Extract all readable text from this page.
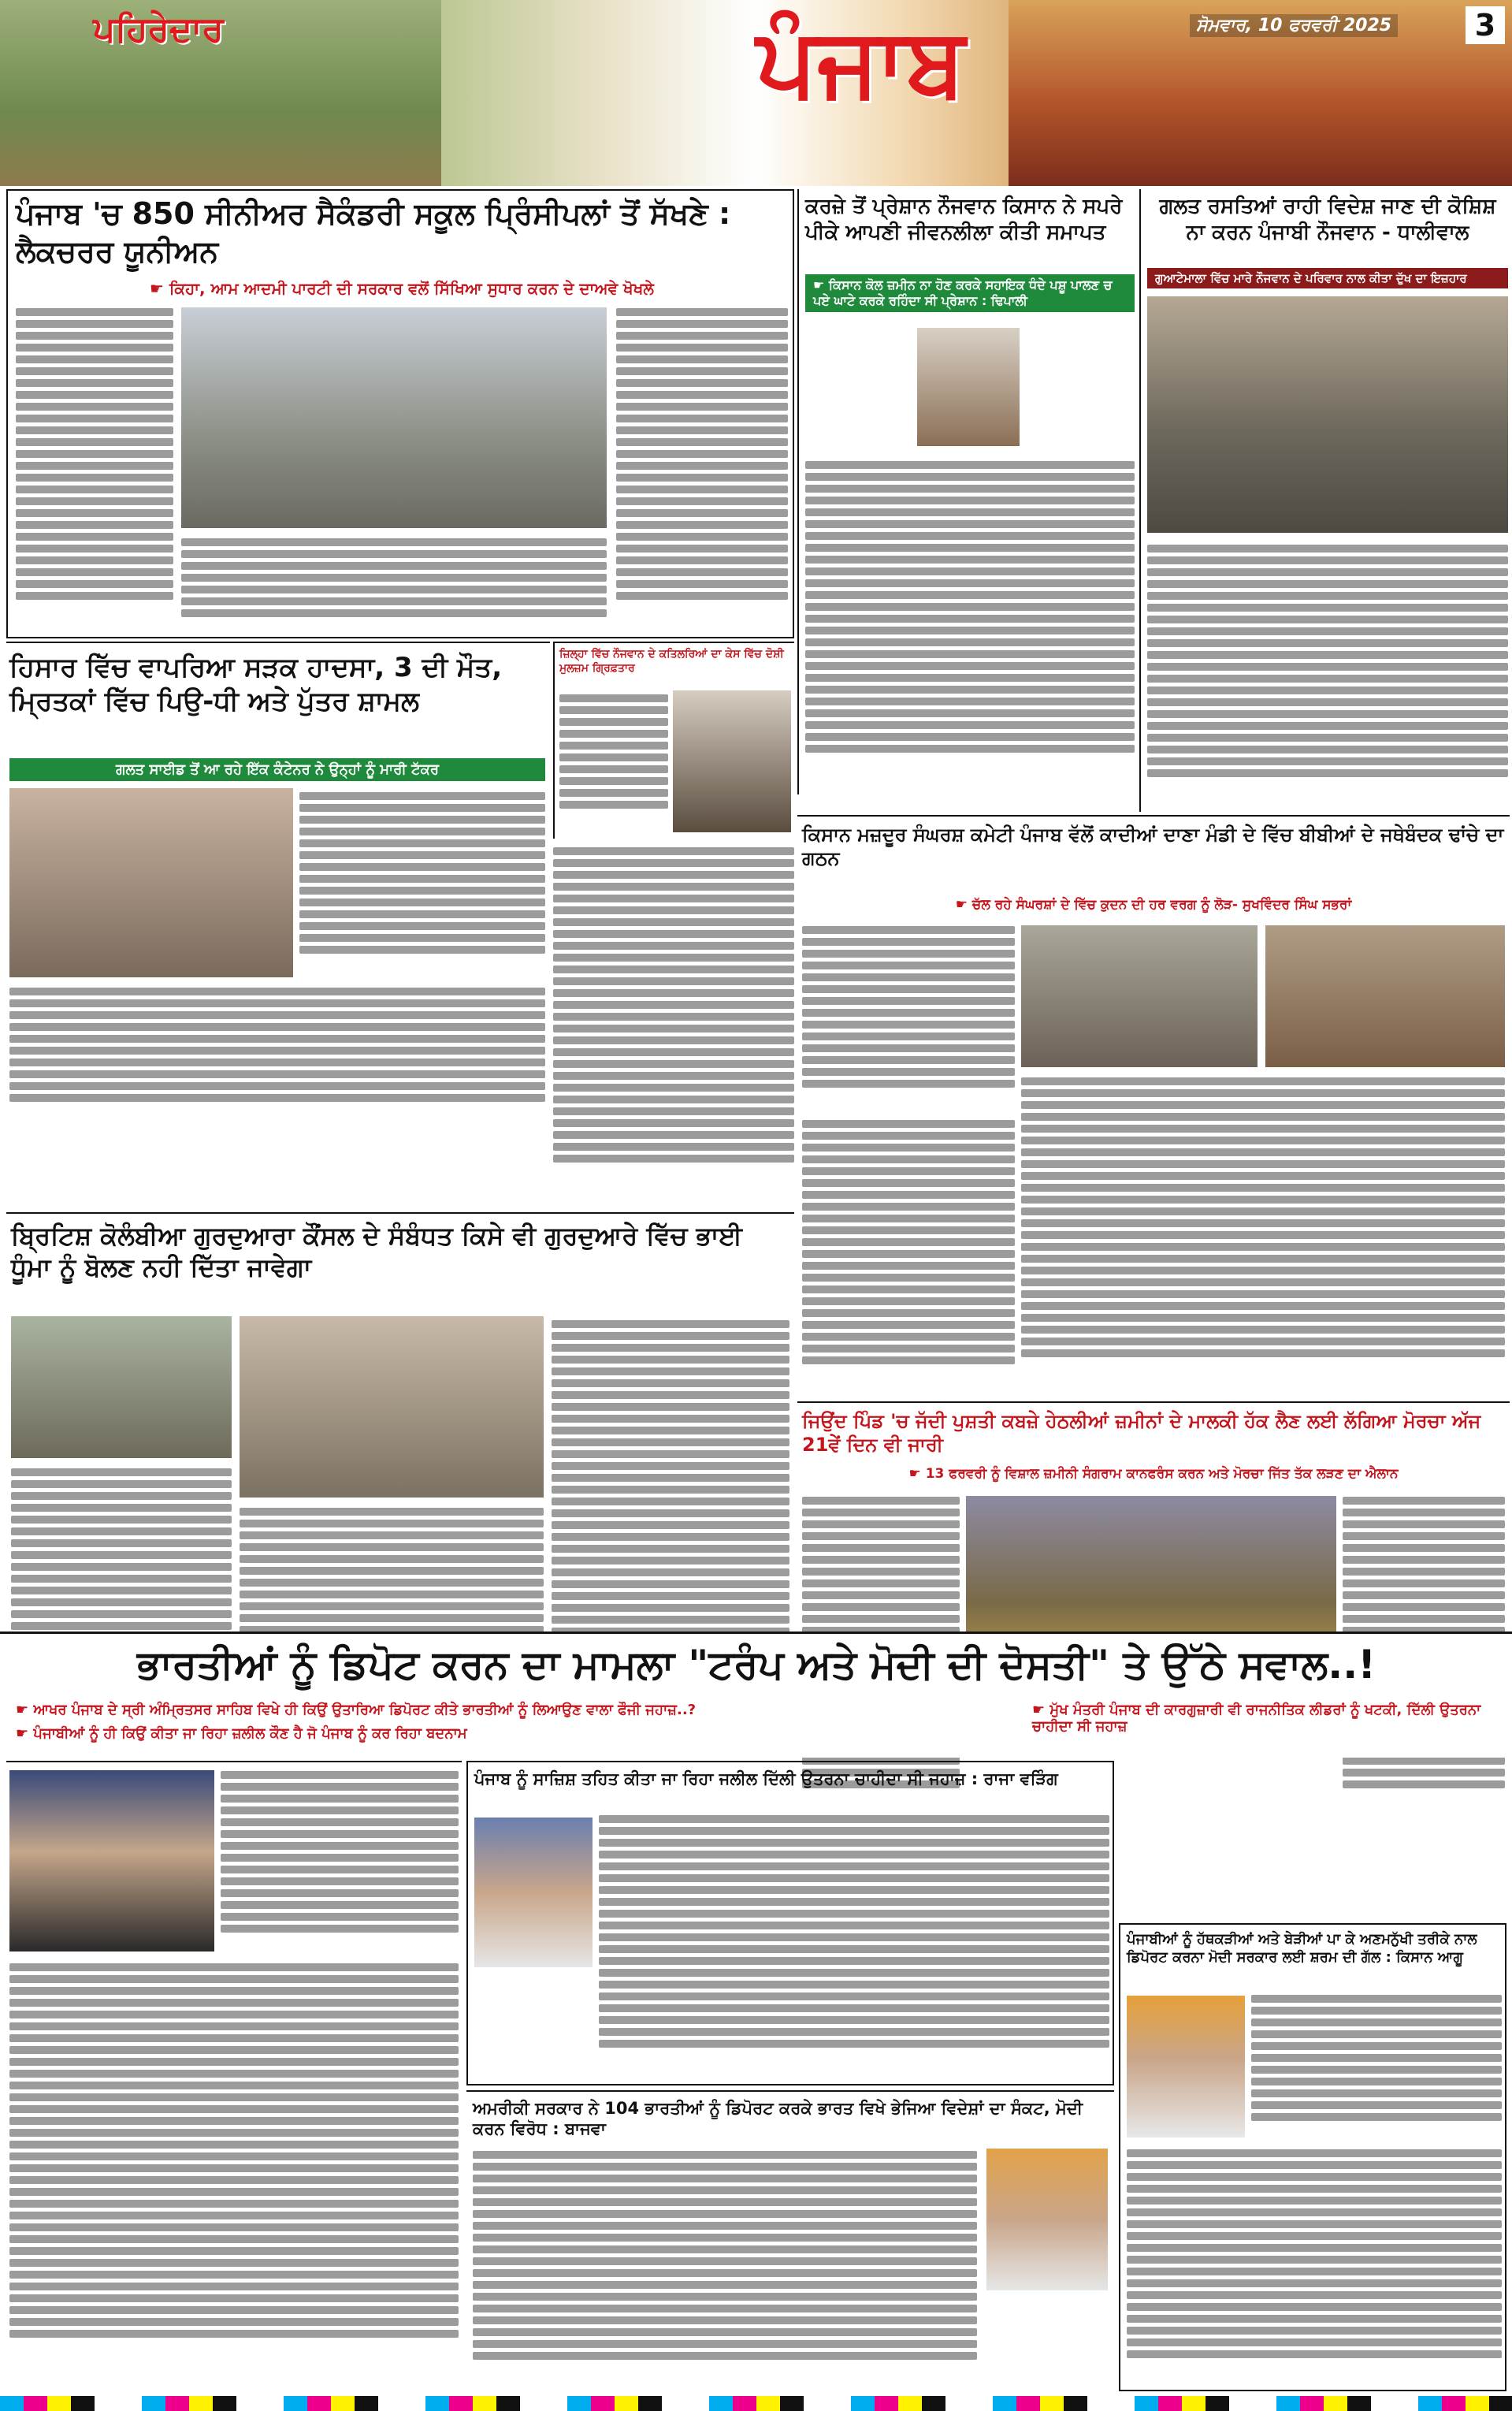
ਪਹਿਰੇਦਾਰ	ਪੰਜਾਬ	ਸੋਮਵਾਰ, 10 ਫਰਵਰੀ 2025	3
ਪੰਜਾਬ 'ਚ 850 ਸੀਨੀਅਰ ਸੈਕੰਡਰੀ ਸਕੂਲ ਪ੍ਰਿੰਸੀਪਲਾਂ ਤੋਂ ਸੱਖਣੇ : ਲੈਕਚਰਰ ਯੂਨੀਅਨ
☛ ਕਿਹਾ, ਆਮ ਆਦਮੀ ਪਾਰਟੀ ਦੀ ਸਰਕਾਰ ਵਲੋਂ ਸਿੱਖਿਆ ਸੁਧਾਰ ਕਰਨ ਦੇ ਦਾਅਵੇ ਖੋਖਲੇ
ਕਰਜ਼ੇ ਤੋਂ ਪ੍ਰੇਸ਼ਾਨ ਨੌਜਵਾਨ ਕਿਸਾਨ ਨੇ ਸਪਰੇ ਪੀਕੇ ਆਪਣੀ ਜੀਵਨਲੀਲਾ ਕੀਤੀ ਸਮਾਪਤ
☛ ਕਿਸਾਨ ਕੋਲ ਜ਼ਮੀਨ ਨਾ ਹੋਣ ਕਰਕੇ ਸਹਾਇਕ ਧੰਦੇ ਪਸ਼ੂ ਪਾਲਣ ਚ ਪਏ ਘਾਟੇ ਕਰਕੇ ਰਹਿੰਦਾ ਸੀ ਪ੍ਰੇਸ਼ਾਨ : ਢਿਪਾਲੀ
ਗਲਤ ਰਸਤਿਆਂ ਰਾਹੀ ਵਿਦੇਸ਼ ਜਾਣ ਦੀ ਕੋਸ਼ਿਸ਼ ਨਾ ਕਰਨ ਪੰਜਾਬੀ ਨੌਜਵਾਨ - ਧਾਲੀਵਾਲ
ਗੁਆਟੇਮਾਲਾ ਵਿੱਚ ਮਾਰੇ ਨੌਜਵਾਨ ਦੇ ਪਰਿਵਾਰ ਨਾਲ ਕੀਤਾ ਦੁੱਖ ਦਾ ਇਜ਼ਹਾਰ
ਹਿਸਾਰ ਵਿੱਚ ਵਾਪਰਿਆ ਸੜਕ ਹਾਦਸਾ, 3 ਦੀ ਮੌਤ, ਮ੍ਰਿਤਕਾਂ ਵਿੱਚ ਪਿਉ-ਧੀ ਅਤੇ ਪੁੱਤਰ ਸ਼ਾਮਲ
ਗਲਤ ਸਾਈਡ ਤੋਂ ਆ ਰਹੇ ਇੱਕ ਕੰਟੇਨਰ ਨੇ ਉਨ੍ਹਾਂ ਨੂੰ ਮਾਰੀ ਟੱਕਰ
ਜ਼ਿਲ੍ਹਾ ਵਿੱਚ ਨੌਜਵਾਨ ਦੇ ਕਤਿਲਰਿਆਂ ਦਾ ਕੇਸ ਵਿੱਚ ਦੋਸ਼ੀ ਮੁਲਜ਼ਮ ਗ੍ਰਿਫ਼ਤਾਰ
ਕਿਸਾਨ ਮਜ਼ਦੂਰ ਸੰਘਰਸ਼ ਕਮੇਟੀ ਪੰਜਾਬ ਵੱਲੋਂ ਕਾਦੀਆਂ ਦਾਣਾ ਮੰਡੀ ਦੇ ਵਿੱਚ ਬੀਬੀਆਂ ਦੇ ਜਥੇਬੰਦਕ ਢਾਂਚੇ ਦਾ ਗਠਨ
☛ ਚੱਲ ਰਹੇ ਸੰਘਰਸ਼ਾਂ ਦੇ ਵਿੱਚ ਕੁਦਨ ਦੀ ਹਰ ਵਰਗ ਨੂੰ ਲੋੜ- ਸੁਖਵਿੰਦਰ ਸਿੰਘ ਸਭਰਾਂ
ਬ੍ਰਿਟਿਸ਼ ਕੋਲੰਬੀਆ ਗੁਰਦੁਆਰਾ ਕੌਂਸਲ ਦੇ ਸੰਬੰਧਤ ਕਿਸੇ ਵੀ ਗੁਰਦੁਆਰੇ ਵਿੱਚ ਭਾਈ ਧੂੰਮਾ ਨੂੰ ਬੋਲਣ ਨਹੀ ਦਿੱਤਾ ਜਾਵੇਗਾ
ਜਿਉਂਦ ਪਿੰਡ 'ਚ ਜੱਦੀ ਪੁਸ਼ਤੀ ਕਬਜ਼ੇ ਹੇਠਲੀਆਂ ਜ਼ਮੀਨਾਂ ਦੇ ਮਾਲਕੀ ਹੱਕ ਲੈਣ ਲਈ ਲੱਗਿਆ ਮੋਰਚਾ ਅੱਜ 21ਵੇਂ ਦਿਨ ਵੀ ਜਾਰੀ
☛ 13 ਫਰਵਰੀ ਨੂੰ ਵਿਸ਼ਾਲ ਜ਼ਮੀਨੀ ਸੰਗਰਾਮ ਕਾਨਫਰੰਸ ਕਰਨ ਅਤੇ ਮੋਰਚਾ ਜਿੱਤ ਤੱਕ ਲੜਣ ਦਾ ਐਲਾਨ
ਭਾਰਤੀਆਂ ਨੂੰ ਡਿਪੋਟ ਕਰਨ ਦਾ ਮਾਮਲਾ "ਟਰੰਪ ਅਤੇ ਮੋਦੀ ਦੀ ਦੋਸਤੀ" ਤੇ ਉੱਠੇ ਸਵਾਲ..!
☛ ਆਖਰ ਪੰਜਾਬ ਦੇ ਸ੍ਰੀ ਅੰਮ੍ਰਿਤਸਰ ਸਾਹਿਬ ਵਿਖੇ ਹੀ ਕਿਉਂ ਉਤਾਰਿਆ ਡਿਪੋਰਟ ਕੀਤੇ ਭਾਰਤੀਆਂ ਨੂੰ ਲਿਆਉਣ ਵਾਲਾ ਫੌਜੀ ਜਹਾਜ਼..?	☛ ਮੁੱਖ ਮੰਤਰੀ ਪੰਜਾਬ ਦੀ ਕਾਰਗੁਜ਼ਾਰੀ ਵੀ ਰਾਜਨੀਤਿਕ ਲੀਡਰਾਂ ਨੂੰ ਖਟਕੀ, ਦਿੱਲੀ ਉਤਰਨਾ ਚਾਹੀਦਾ ਸੀ ਜਹਾਜ਼
☛ ਪੰਜਾਬੀਆਂ ਨੂੰ ਹੀ ਕਿਉਂ ਕੀਤਾ ਜਾ ਰਿਹਾ ਜ਼ਲੀਲ ਕੌਣ ਹੈ ਜੋ ਪੰਜਾਬ ਨੂੰ ਕਰ ਰਿਹਾ ਬਦਨਾਮ
ਪੰਜਾਬ ਨੂੰ ਸਾਜ਼ਿਸ਼ ਤਹਿਤ ਕੀਤਾ ਜਾ ਰਿਹਾ ਜਲੀਲ ਦਿੱਲੀ ਉਤਰਨਾ ਚਾਹੀਦਾ ਸੀ ਜਹਾਜ਼ : ਰਾਜਾ ਵੜਿੰਗ
ਅਮਰੀਕੀ ਸਰਕਾਰ ਨੇ 104 ਭਾਰਤੀਆਂ ਨੂੰ ਡਿਪੋਰਟ ਕਰਕੇ ਭਾਰਤ ਵਿਖੇ ਭੇਜਿਆ ਵਿਦੇਸ਼ਾਂ ਦਾ ਸੰਕਟ, ਮੋਦੀ ਕਰਨ ਵਿਰੋਧ : ਬਾਜਵਾ
ਪੰਜਾਬੀਆਂ ਨੂੰ ਹੱਥਕੜੀਆਂ ਅਤੇ ਬੇੜੀਆਂ ਪਾ ਕੇ ਅਣਮਨੁੱਖੀ ਤਰੀਕੇ ਨਾਲ ਡਿਪੋਰਟ ਕਰਨਾ ਮੋਦੀ ਸਰਕਾਰ ਲਈ ਸ਼ਰਮ ਦੀ ਗੱਲ : ਕਿਸਾਨ ਆਗੂ
